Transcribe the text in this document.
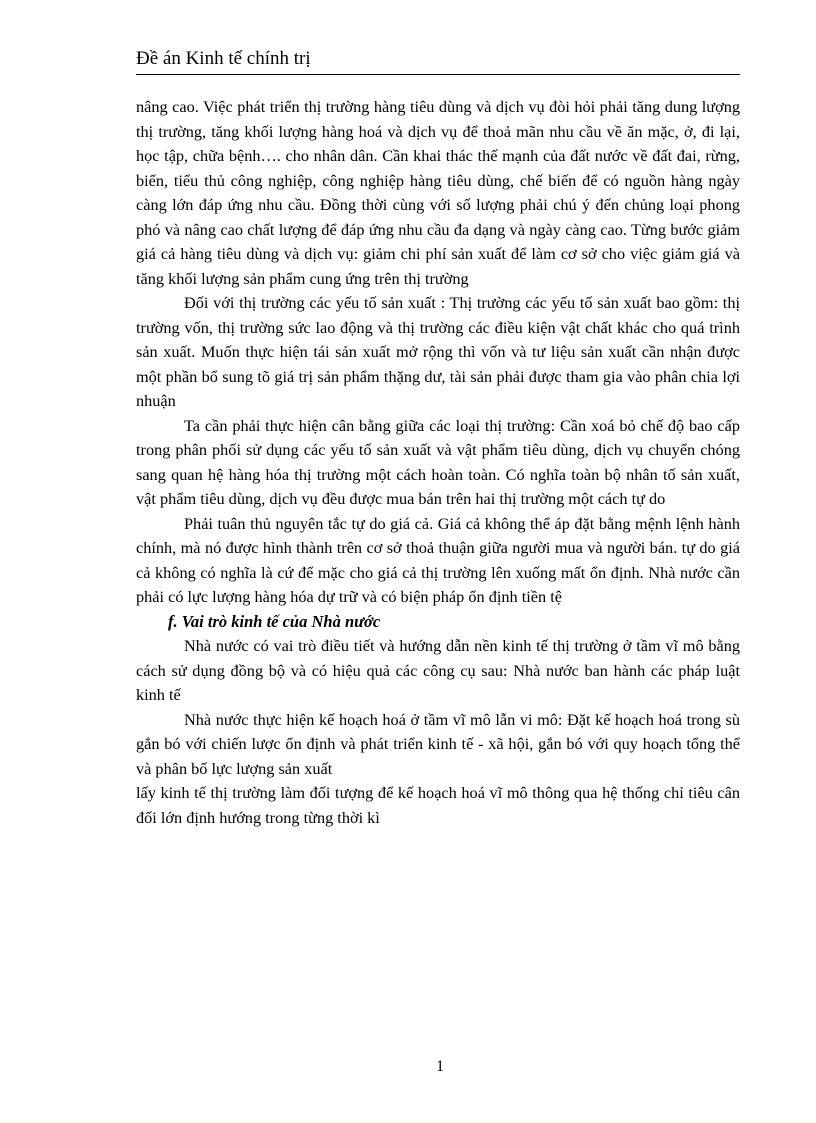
Đề án Kinh tế chính trị

nâng cao. Việc phát triển thị trường hàng tiêu dùng và dịch vụ đòi hỏi phải tăng dung lượng thị trường, tăng khối lượng hàng hoá và dịch vụ để thoả mãn nhu cầu về ăn mặc, ở, đi lại, học tập, chữa bệnh…. cho nhân dân. Cần khai thác thế mạnh của đất nước về đất đai, rừng, biển, tiểu thủ công nghiệp, công nghiệp hàng tiêu dùng, chế biến để có nguồn hàng ngày càng lớn đáp ứng nhu cầu. Đồng thời cùng với số lượng phải chú ý đến chủng loại phong phó và nâng cao chất lượng để đáp ứng nhu cầu đa dạng và ngày càng cao. Từng bước giảm giá cả hàng tiêu dùng và dịch vụ: giảm chi phí sản xuất để làm cơ sở cho việc giảm giá và tăng khối lượng sản phẩm cung ứng trên thị trường

Đối với thị trường các yếu tố sản xuất : Thị trường các yếu tố sản xuất bao gồm: thị trường vốn, thị trường sức lao động và thị trường các điều kiện vật chất khác cho quá trình sản xuất. Muốn thực hiện tái sản xuất mở rộng thì vốn và tư liệu sản xuất cần nhận được một phần bổ sung tõ giá trị sản phẩm thặng dư, tài sản phải được tham gia vào phân chia lợi nhuận

Ta cần phải thực hiện cân bằng giữa các loại thị trường: Cần xoá bỏ chế độ bao cấp trong phân phối sử dụng các yếu tố sản xuất và vật phẩm tiêu dùng, dịch vụ chuyển chóng sang quan hệ hàng hóa thị trường một cách hoàn toàn. Có nghĩa toàn bộ nhân tố sản xuất, vật phẩm tiêu dùng, dịch vụ đều được mua bán trên hai thị trường một cách tự do

Phải tuân thủ nguyên tắc tự do giá cả. Giá cả không thể áp đặt bằng mệnh lệnh hành chính, mà nó được hình thành trên cơ sở thoả thuận giữa người mua và người bán. tự do giá cả không có nghĩa là cứ để mặc cho giá cả thị trường lên xuống mất ổn định. Nhà nước cần phải có lực lượng hàng hóa dự trữ và có biện pháp ổn định tiền tệ

f. Vai trò kinh tế của Nhà nước

Nhà nước có vai trò điều tiết và hướng dẫn nền kinh tế thị trường ở tầm vĩ mô bằng cách sử dụng đồng bộ và có hiệu quả các công cụ sau: Nhà nước ban hành các pháp luật kinh tế

Nhà nước thực hiện kế hoạch hoá ở tầm vĩ mô lẫn vi mô: Đặt kế hoạch hoá trong sù gắn bó với chiến lược ổn định và phát triển kinh tế - xã hội, gắn bó với quy hoạch tổng thể và phân bố lực lượng sản xuất

lấy kinh tế thị trường làm đối tượng để kế hoạch hoá vĩ mô thông qua hệ thống chỉ tiêu cân đối lớn định hướng trong từng thời kì

1
